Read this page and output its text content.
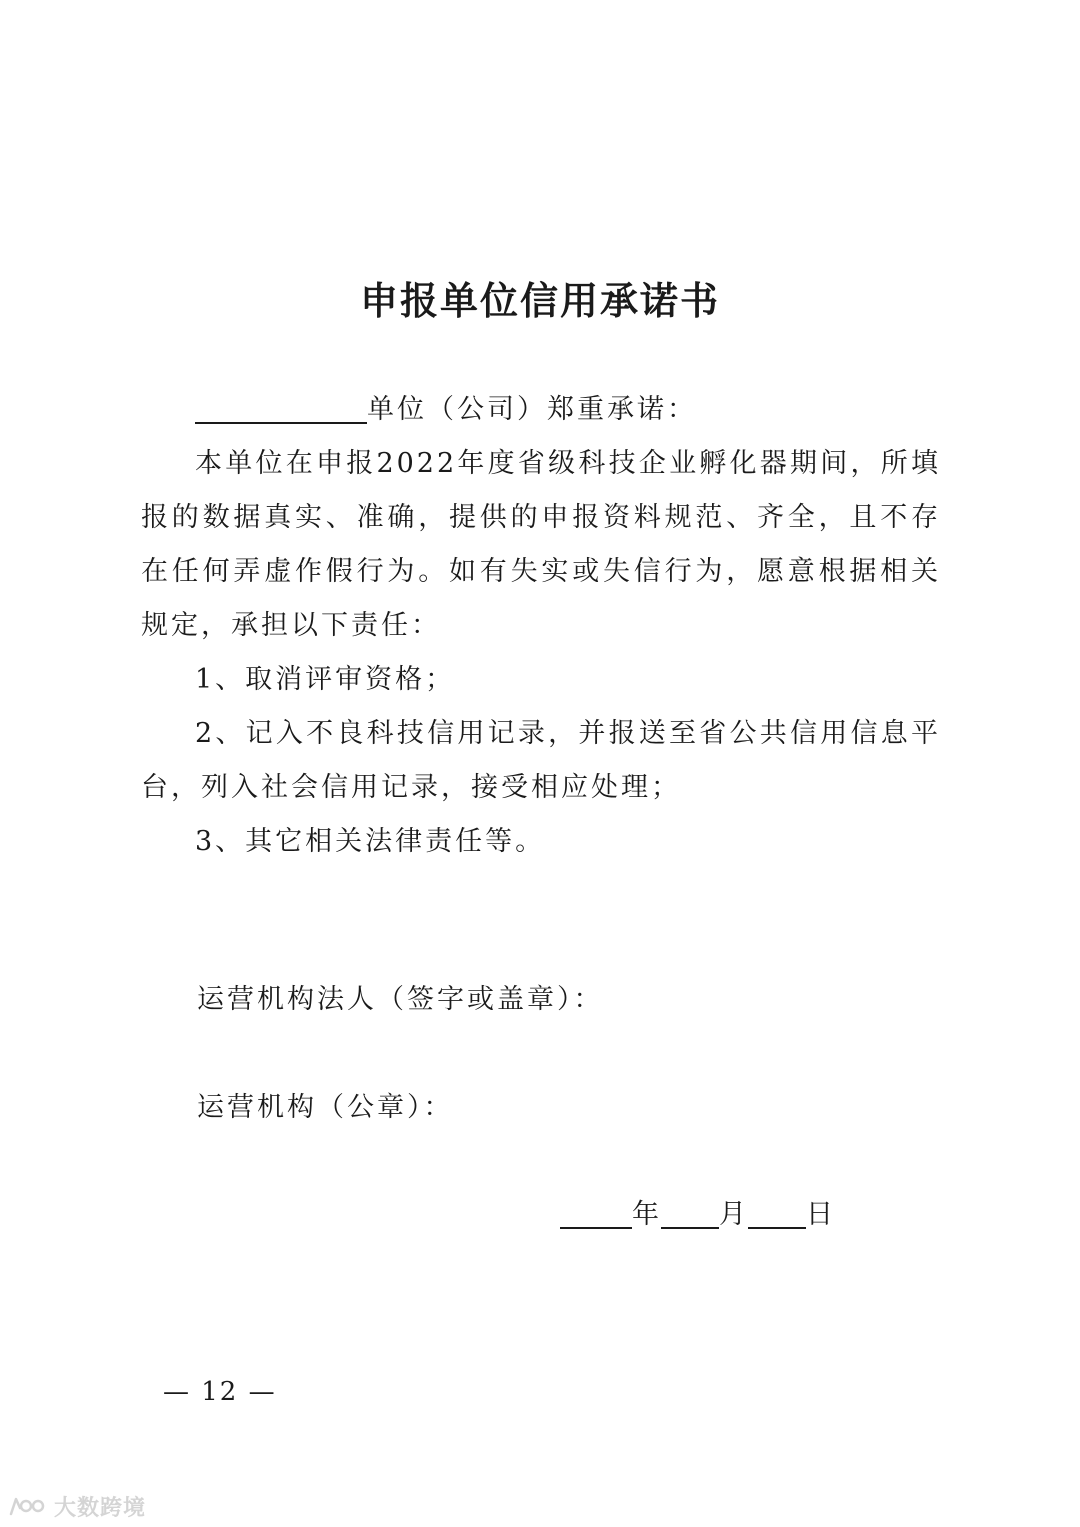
申报单位信用承诺书

单位（公司）郑重承诺：

本单位在申报2022年度省级科技企业孵化器期间，所填报的数据真实、准确，提供的申报资料规范、齐全，且不存在任何弄虚作假行为。如有失实或失信行为，愿意根据相关规定，承担以下责任：

1、取消评审资格；

2、记入不良科技信用记录，并报送至省公共信用信息平台，列入社会信用记录，接受相应处理；

3、其它相关法律责任等。

运营机构法人（签字或盖章）：
运营机构（公章）：
年 月 日
— 12 —
大数跨境
